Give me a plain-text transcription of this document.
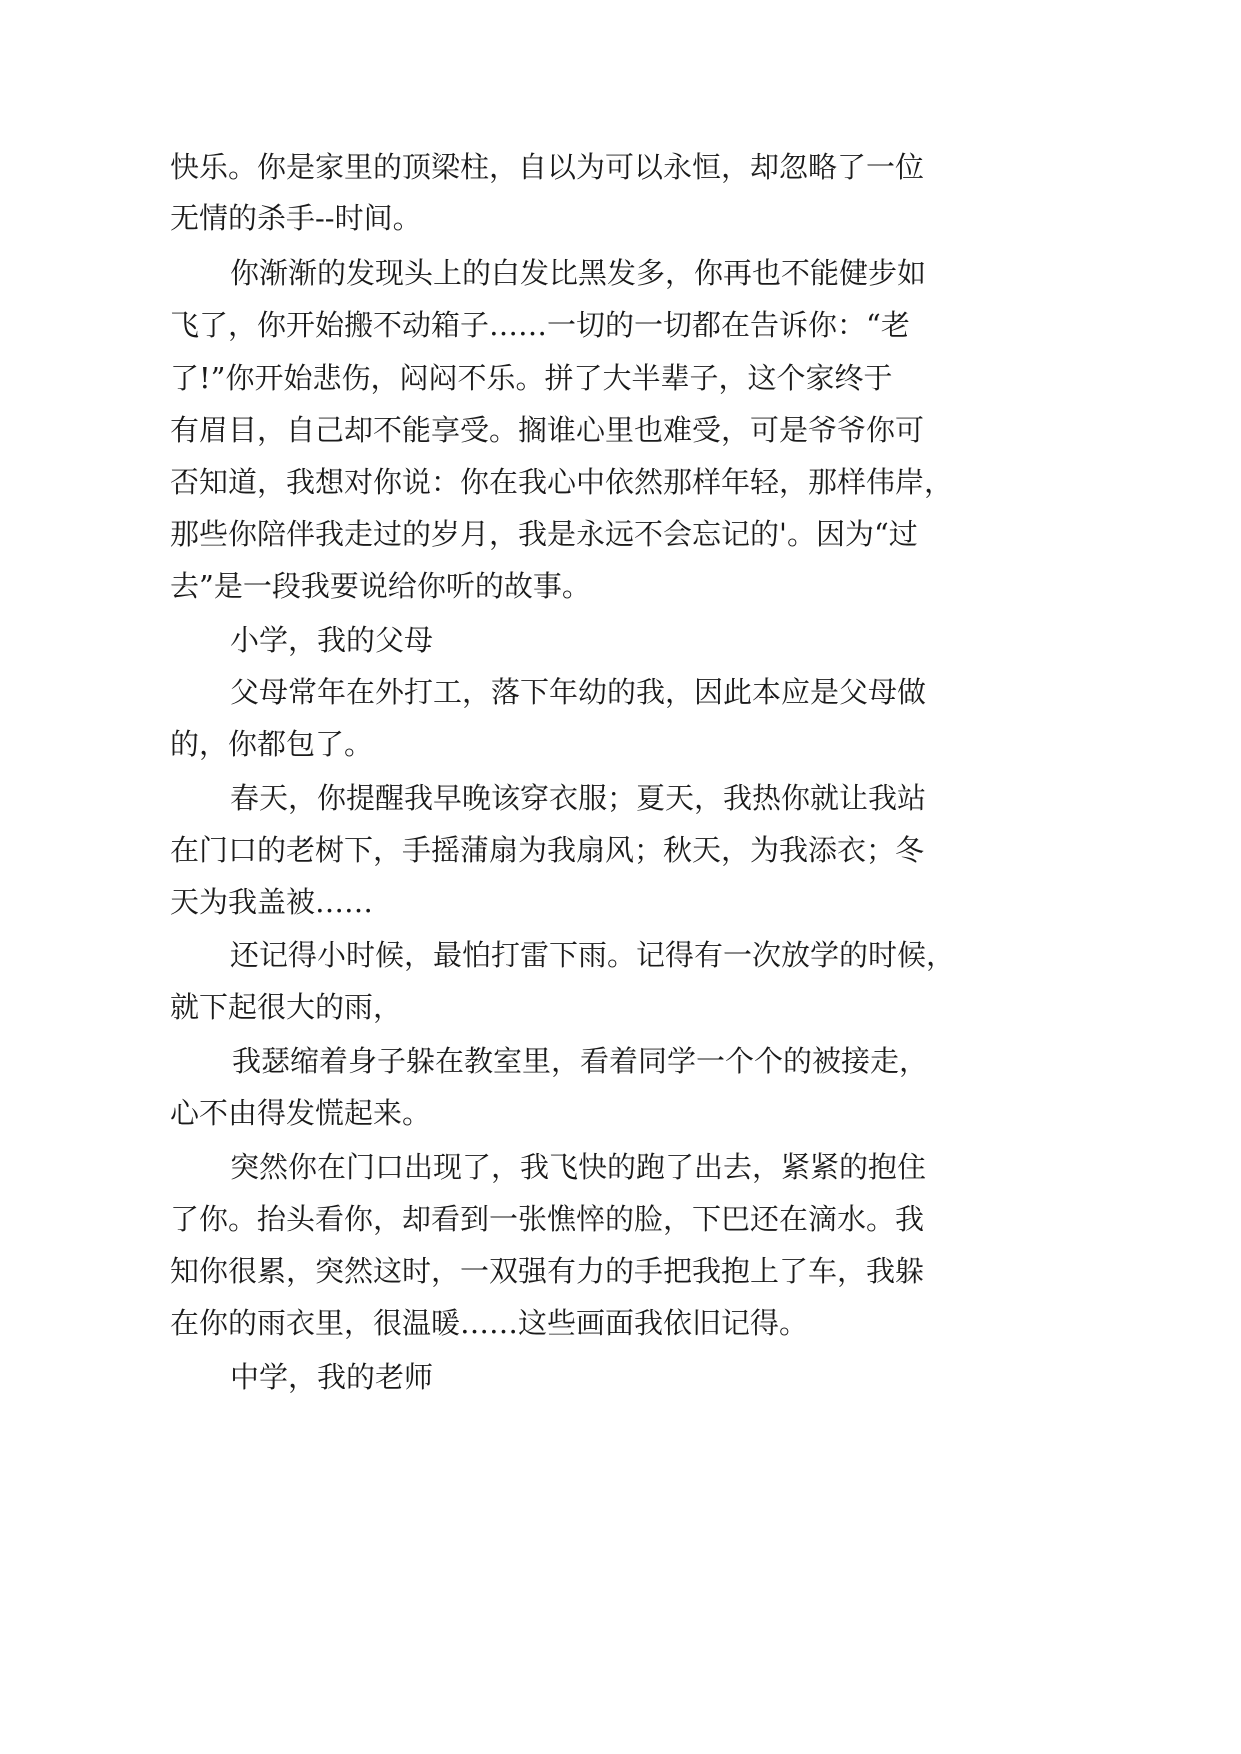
快乐。你是家里的顶梁柱，自以为可以永恒，却忽略了一位
无情的杀手--时间。
你渐渐的发现头上的白发比黑发多，你再也不能健步如
飞了，你开始搬不动箱子……一切的一切都在告诉你：“老
了!”你开始悲伤，闷闷不乐。拼了大半辈子，这个家终于
有眉目，自己却不能享受。搁谁心里也难受，可是爷爷你可
否知道，我想对你说：你在我心中依然那样年轻，那样伟岸，
那些你陪伴我走过的岁月，我是永远不会忘记的'。因为“过
去”是一段我要说给你听的故事。
小学，我的父母
父母常年在外打工，落下年幼的我，因此本应是父母做
的，你都包了。
春天，你提醒我早晚该穿衣服；夏天，我热你就让我站
在门口的老树下，手摇蒲扇为我扇风；秋天，为我添衣；冬
天为我盖被……
还记得小时候，最怕打雷下雨。记得有一次放学的时候，
就下起很大的雨，
我瑟缩着身子躲在教室里，看着同学一个个的被接走，
心不由得发慌起来。
突然你在门口出现了，我飞快的跑了出去，紧紧的抱住
了你。抬头看你，却看到一张憔悴的脸，下巴还在滴水。我
知你很累，突然这时，一双强有力的手把我抱上了车，我躲
在你的雨衣里，很温暖……这些画面我依旧记得。
中学，我的老师
